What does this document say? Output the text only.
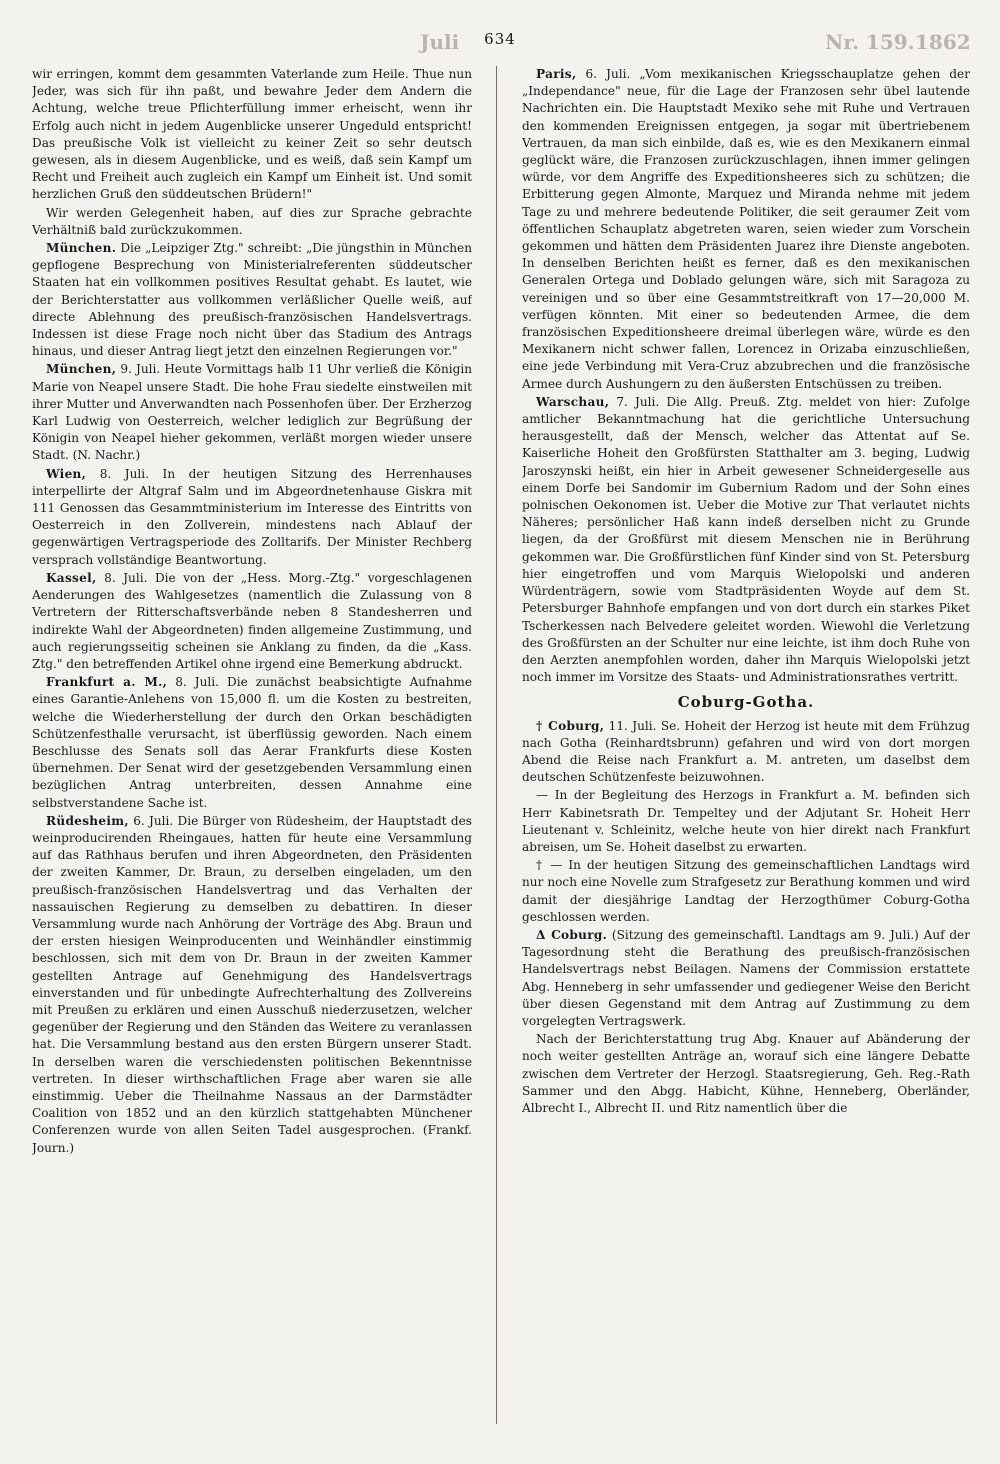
Juli	Nr. 159. 1862
634

wir erringen, kommt dem gesammten Vaterlande zum Heile. Thue nun Jeder, was sich für ihn paßt, und bewahre Jeder dem Andern die Achtung, welche treue Pflichterfüllung immer erheischt, wenn ihr Erfolg auch nicht in jedem Augenblicke unserer Ungeduld entspricht! Das preußische Volk ist vielleicht zu keiner Zeit so sehr deutsch gewesen, als in diesem Augenblicke, und es weiß, daß sein Kampf um Recht und Freiheit auch zugleich ein Kampf um Einheit ist. Und somit herzlichen Gruß den süddeutschen Brüdern!"

Wir werden Gelegenheit haben, auf dies zur Sprache gebrachte Verhältniß bald zurückzukommen.

München. Die „Leipziger Ztg." schreibt: „Die jüngsthin in München gepflogene Besprechung von Ministerialreferenten süddeutscher Staaten hat ein vollkommen positives Resultat gehabt. Es lautet, wie der Berichterstatter aus vollkommen verläßlicher Quelle weiß, auf directe Ablehnung des preußisch-französischen Handelsvertrags. Indessen ist diese Frage noch nicht über das Stadium des Antrags hinaus, und dieser Antrag liegt jetzt den einzelnen Regierungen vor."

München, 9. Juli. Heute Vormittags halb 11 Uhr verließ die Königin Marie von Neapel unsere Stadt. Die hohe Frau siedelte einstweilen mit ihrer Mutter und Anverwandten nach Possenhofen über. Der Erzherzog Karl Ludwig von Oesterreich, welcher lediglich zur Begrüßung der Königin von Neapel hieher gekommen, verläßt morgen wieder unsere Stadt. (N. Nachr.)

Wien, 8. Juli. In der heutigen Sitzung des Herrenhauses interpellirte der Altgraf Salm und im Abgeordnetenhause Giskra mit 111 Genossen das Gesammtministerium im Interesse des Eintritts von Oesterreich in den Zollverein, mindestens nach Ablauf der gegenwärtigen Vertragsperiode des Zolltarifs. Der Minister Rechberg versprach vollständige Beantwortung.

Kassel, 8. Juli. Die von der „Hess. Morg.-Ztg." vorgeschlagenen Aenderungen des Wahlgesetzes (namentlich die Zulassung von 8 Vertretern der Ritterschaftsverbände neben 8 Standesherren und indirekte Wahl der Abgeordneten) finden allgemeine Zustimmung, und auch regierungsseitig scheinen sie Anklang zu finden, da die „Kass. Ztg." den betreffenden Artikel ohne irgend eine Bemerkung abdruckt.

Frankfurt a. M., 8. Juli. Die zunächst beabsichtigte Aufnahme eines Garantie-Anlehens von 15,000 fl. um die Kosten zu bestreiten, welche die Wiederherstellung der durch den Orkan beschädigten Schützenfesthalle verursacht, ist überflüssig geworden. Nach einem Beschlusse des Senats soll das Aerar Frankfurts diese Kosten übernehmen. Der Senat wird der gesetzgebenden Versammlung einen bezüglichen Antrag unterbreiten, dessen Annahme eine selbstverstandene Sache ist.

Rüdesheim, 6. Juli. Die Bürger von Rüdesheim, der Hauptstadt des weinproducirenden Rheingaues, hatten für heute eine Versammlung auf das Rathhaus berufen und ihren Abgeordneten, den Präsidenten der zweiten Kammer, Dr. Braun, zu derselben eingeladen, um den preußisch-französischen Handelsvertrag und das Verhalten der nassauischen Regierung zu demselben zu debattiren. In dieser Versammlung wurde nach Anhörung der Vorträge des Abg. Braun und der ersten hiesigen Weinproducenten und Weinhändler einstimmig beschlossen, sich mit dem von Dr. Braun in der zweiten Kammer gestellten Antrage auf Genehmigung des Handelsvertrags einverstanden und für unbedingte Aufrechterhaltung des Zollvereins mit Preußen zu erklären und einen Ausschuß niederzusetzen, welcher gegenüber der Regierung und den Ständen das Weitere zu veranlassen hat. Die Versammlung bestand aus den ersten Bürgern unserer Stadt. In derselben waren die verschiedensten politischen Bekenntnisse vertreten. In dieser wirthschaftlichen Frage aber waren sie alle einstimmig. Ueber die Theilnahme Nassaus an der Darmstädter Coalition von 1852 und an den kürzlich stattgehabten Münchener Conferenzen wurde von allen Seiten Tadel ausgesprochen. (Frankf. Journ.)

Paris, 6. Juli. „Vom mexikanischen Kriegsschauplatze gehen der „Independance" neue, für die Lage der Franzosen sehr übel lautende Nachrichten ein. Die Hauptstadt Mexiko sehe mit Ruhe und Vertrauen den kommenden Ereignissen entgegen, ja sogar mit übertriebenem Vertrauen, da man sich einbilde, daß es, wie es den Mexikanern einmal geglückt wäre, die Franzosen zurückzuschlagen, ihnen immer gelingen würde, vor dem Angriffe des Expeditionsheeres sich zu schützen; die Erbitterung gegen Almonte, Marquez und Miranda nehme mit jedem Tage zu und mehrere bedeutende Politiker, die seit geraumer Zeit vom öffentlichen Schauplatz abgetreten waren, seien wieder zum Vorschein gekommen und hätten dem Präsidenten Juarez ihre Dienste angeboten. In denselben Berichten heißt es ferner, daß es den mexikanischen Generalen Ortega und Doblado gelungen wäre, sich mit Saragoza zu vereinigen und so über eine Gesammtstreitkraft von 17—20,000 M. verfügen könnten. Mit einer so bedeutenden Armee, die dem französischen Expeditionsheere dreimal überlegen wäre, würde es den Mexikanern nicht schwer fallen, Lorencez in Orizaba einzuschließen, eine jede Verbindung mit Vera-Cruz abzubrechen und die französische Armee durch Aushungern zu den äußersten Entschüssen zu treiben.

Warschau, 7. Juli. Die Allg. Preuß. Ztg. meldet von hier: Zufolge amtlicher Bekanntmachung hat die gerichtliche Untersuchung herausgestellt, daß der Mensch, welcher das Attentat auf Se. Kaiserliche Hoheit den Großfürsten Statthalter am 3. beging, Ludwig Jaroszynski heißt, ein hier in Arbeit gewesener Schneidergeselle aus einem Dorfe bei Sandomir im Gubernium Radom und der Sohn eines polnischen Oekonomen ist. Ueber die Motive zur That verlautet nichts Näheres; persönlicher Haß kann indeß derselben nicht zu Grunde liegen, da der Großfürst mit diesem Menschen nie in Berührung gekommen war. Die Großfürstlichen fünf Kinder sind von St. Petersburg hier eingetroffen und vom Marquis Wielopolski und anderen Würdenträgern, sowie vom Stadtpräsidenten Woyde auf dem St. Petersburger Bahnhofe empfangen und von dort durch ein starkes Piket Tscherkessen nach Belvedere geleitet worden. Wiewohl die Verletzung des Großfürsten an der Schulter nur eine leichte, ist ihm doch Ruhe von den Aerzten anempfohlen worden, daher ihn Marquis Wielopolski jetzt noch immer im Vorsitze des Staats- und Administrationsrathes vertritt.

Coburg-Gotha.

† Coburg, 11. Juli. Se. Hoheit der Herzog ist heute mit dem Frühzug nach Gotha (Reinhardtsbrunn) gefahren und wird von dort morgen Abend die Reise nach Frankfurt a. M. antreten, um daselbst dem deutschen Schützenfeste beizuwohnen.

— In der Begleitung des Herzogs in Frankfurt a. M. befinden sich Herr Kabinetsrath Dr. Tempeltey und der Adjutant Sr. Hoheit Herr Lieutenant v. Schleinitz, welche heute von hier direkt nach Frankfurt abreisen, um Se. Hoheit daselbst zu erwarten.

† — In der heutigen Sitzung des gemeinschaftlichen Landtags wird nur noch eine Novelle zum Strafgesetz zur Berathung kommen und wird damit der diesjährige Landtag der Herzogthümer Coburg-Gotha geschlossen werden.

Δ Coburg. (Sitzung des gemeinschaftl. Landtags am 9. Juli.) Auf der Tagesordnung steht die Berathung des preußisch-französischen Handelsvertrags nebst Beilagen. Namens der Commission erstattete Abg. Henneberg in sehr umfassender und gediegener Weise den Bericht über diesen Gegenstand mit dem Antrag auf Zustimmung zu dem vorgelegten Vertragswerk.

Nach der Berichterstattung trug Abg. Knauer auf Abänderung der noch weiter gestellten Anträge an, worauf sich eine längere Debatte zwischen dem Vertreter der Herzogl. Staatsregierung, Geh. Reg.-Rath Sammer und den Abgg. Habicht, Kühne, Henneberg, Oberländer, Albrecht I., Albrecht II. und Ritz namentlich über die
